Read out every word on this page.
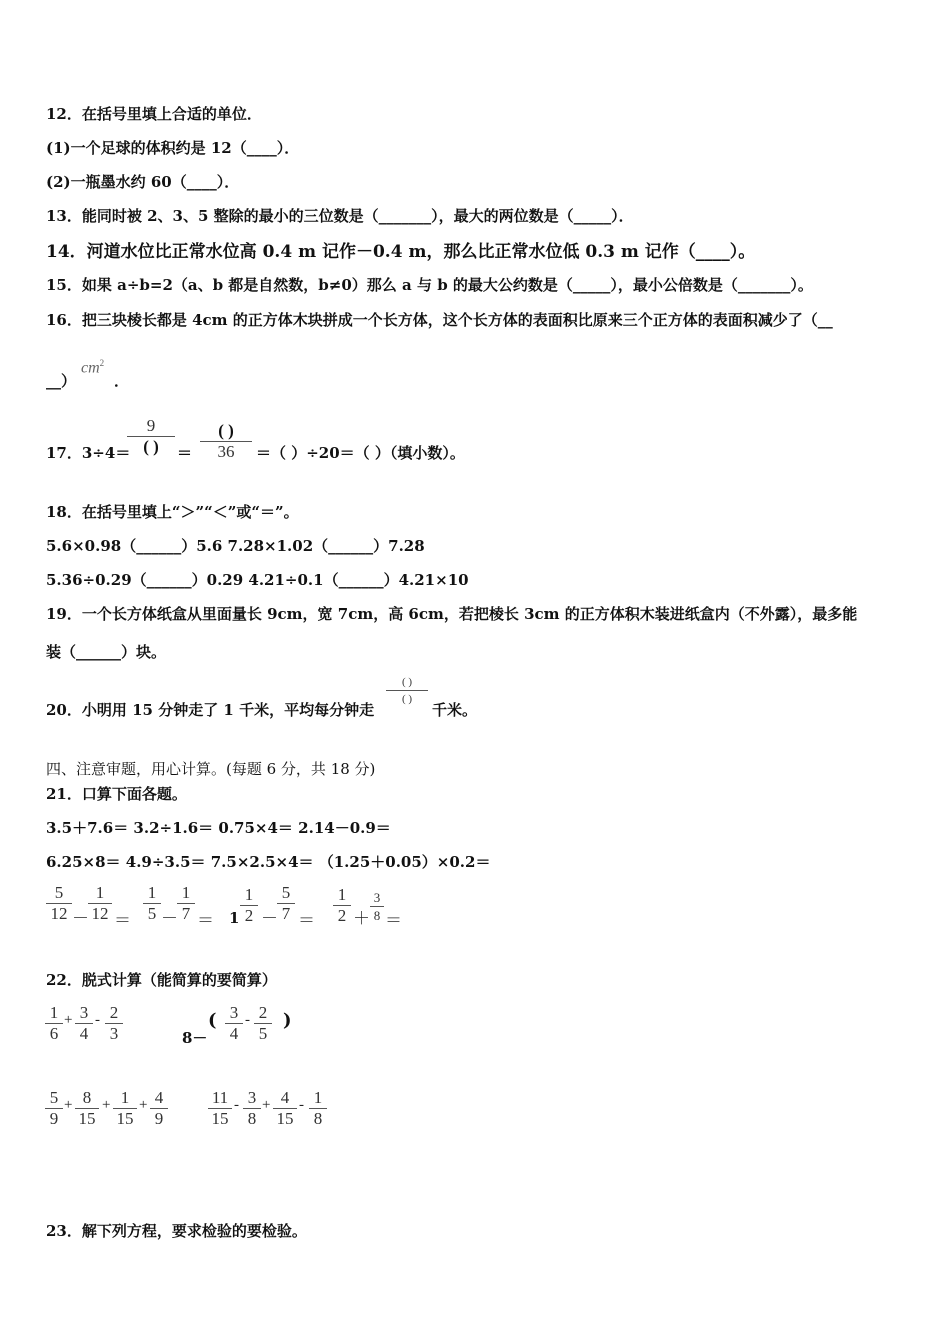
12．在括号里填上合适的单位．
(1)一个足球的体积约是 12（____）．
(2)一瓶墨水约 60（____）．
13．能同时被 2、3、5 整除的最小的三位数是（_______），最大的两位数是（_____）．
14．河道水位比正常水位高 0.4 m 记作－0.4 m，那么比正常水位低 0.3 m 记作（____）。
15．如果 a÷b=2（a、b 都是自然数，b≠0）那么 a 与 b 的最大公约数是（_____），最小公倍数是（_______）。
16．把三块棱长都是 4cm 的正方体木块拼成一个长方体，这个长方体的表面积比原来三个正方体的表面积减少了（__
__）
$cm^2$
．
17．3÷4＝
9
( )	＝
( )
36	＝（ ）÷20＝（ ）（填小数）。
18．在括号里填上“＞”“＜”或“＝”。
5.6×0.98（______）5.6 7.28×1.02（______）7.28
5.36÷0.29（______）0.29 4.21÷0.1（______）4.21×10
19．一个长方体纸盒从里面量长 9cm，宽 7cm，高 6cm，若把棱长 3cm 的正方体积木装进纸盒内（不外露），最多能
装（______）块。
20．小明用 15 分钟走了 1 千米，平均每分钟走
( )
( )
千米。
四、注意审题，用心计算。(每题 6 分，共 18 分)
21．口算下面各题。
3.5＋7.6＝ 3.2÷1.6＝ 0.75×4＝ 2.14－0.9＝
6.25×8＝ 4.9÷3.5＝ 7.5×2.5×4＝ （1.25＋0.05）×0.2＝
$\frac{5}{12} - \frac{1}{12} = \frac{1}{5} - \frac{1}{7} = 1 \frac{1}{2} - \frac{5}{7} = \frac{1}{2} + \frac{3}{8}$ ＝
22．脱式计算（能简算的要简算）
$\frac{1}{6} + \frac{3}{4} - \frac{2}{3}$	8－
( $\frac{3}{4} - \frac{2}{5}$ )
$\frac{5}{9} + \frac{8}{15} + \frac{1}{15} + \frac{4}{9} \frac{11}{15} - \frac{3}{8} + \frac{4}{15} - \frac{1}{8}$
23．解下列方程，要求检验的要检验。
